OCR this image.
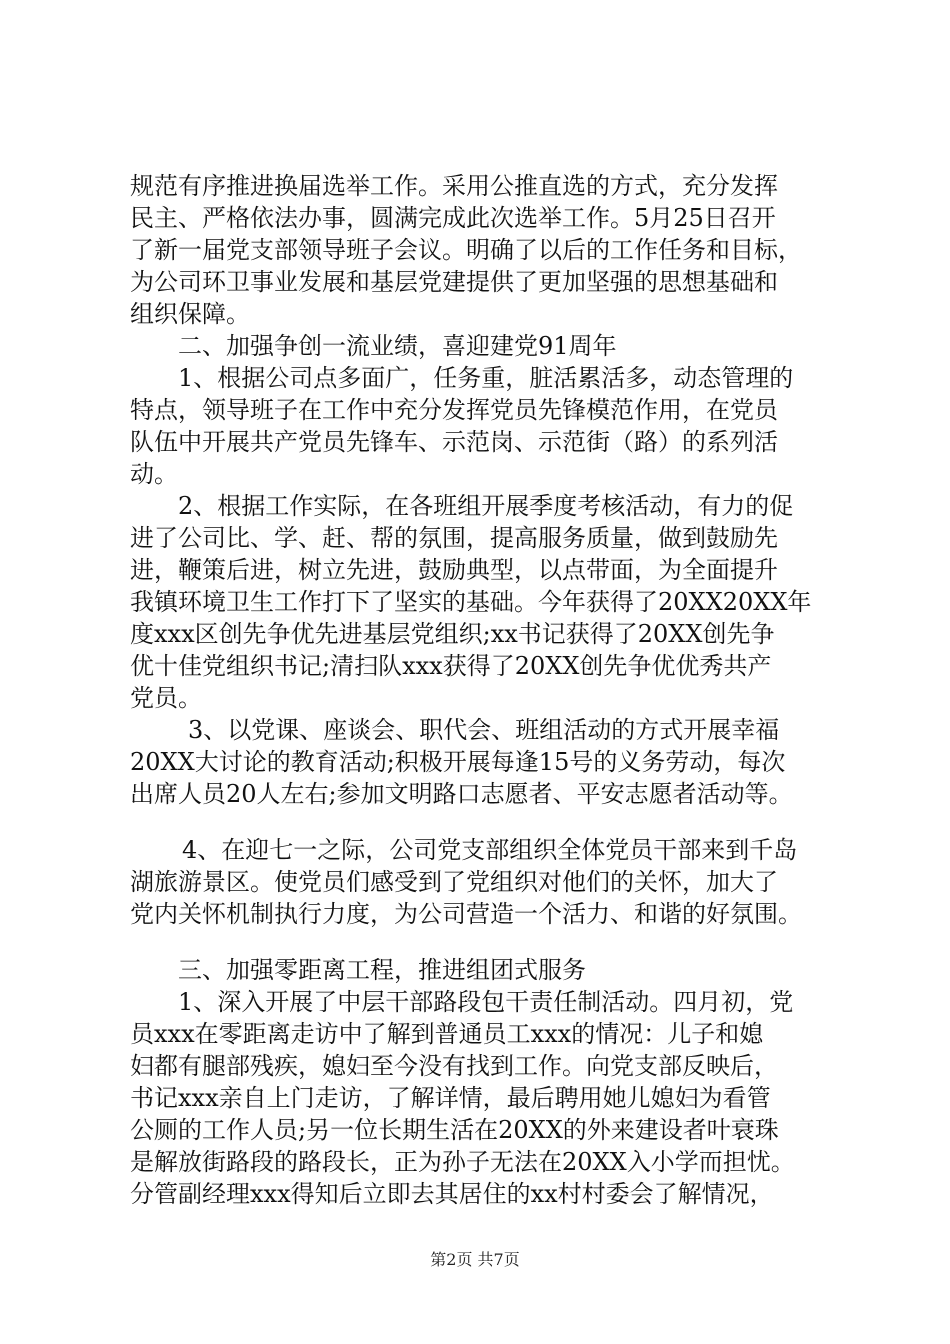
规范有序推进换届选举工作。采用公推直选的方式，充分发挥
民主、严格依法办事，圆满完成此次选举工作。5月25日召开
了新一届党支部领导班子会议。明确了以后的工作任务和目标，
为公司环卫事业发展和基层党建提供了更加坚强的思想基础和
组织保障。
二、加强争创一流业绩，喜迎建党91周年
1、根据公司点多面广，任务重，脏活累活多，动态管理的
特点，领导班子在工作中充分发挥党员先锋模范作用，在党员
队伍中开展共产党员先锋车、示范岗、示范街（路）的系列活
动。
2、根据工作实际，在各班组开展季度考核活动，有力的促
进了公司比、学、赶、帮的氛围，提高服务质量，做到鼓励先
进，鞭策后进，树立先进，鼓励典型，以点带面，为全面提升
我镇环境卫生工作打下了坚实的基础。今年获得了20XX20XX年
度xxx区创先争优先进基层党组织;xx书记获得了20XX创先争
优十佳党组织书记;清扫队xxx获得了20XX创先争优优秀共产
党员。
3、以党课、座谈会、职代会、班组活动的方式开展幸福
20XX大讨论的教育活动;积极开展每逢15号的义务劳动，每次
出席人员20人左右;参加文明路口志愿者、平安志愿者活动等。
4、在迎七一之际，公司党支部组织全体党员干部来到千岛
湖旅游景区。使党员们感受到了党组织对他们的关怀，加大了
党内关怀机制执行力度，为公司营造一个活力、和谐的好氛围。
三、加强零距离工程，推进组团式服务
1、深入开展了中层干部路段包干责任制活动。四月初，党
员xxx在零距离走访中了解到普通员工xxx的情况：儿子和媳
妇都有腿部残疾，媳妇至今没有找到工作。向党支部反映后，
书记xxx亲自上门走访，了解详情，最后聘用她儿媳妇为看管
公厕的工作人员;另一位长期生活在20XX的外来建设者叶衰珠
是解放街路段的路段长，正为孙子无法在20XX入小学而担忧。
分管副经理xxx得知后立即去其居住的xx村村委会了解情况，
第2页 共7页
